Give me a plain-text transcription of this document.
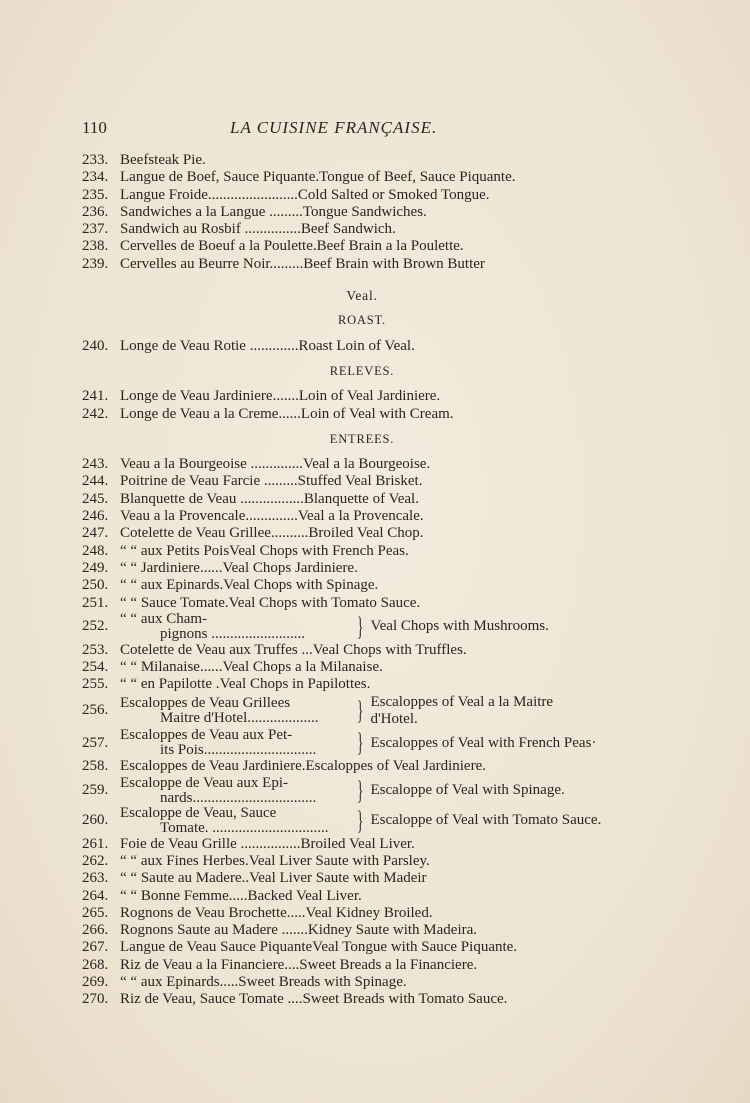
110	LA CUISINE FRANÇAISE.
233. Beefsteak Pie.
234. Langue de Boef, Sauce Piquante. Tongue of Beef, Sauce Piquante.
235. Langue Froide........................ Cold Salted or Smoked Tongue.
236. Sandwiches a la Langue ......... Tongue Sandwiches.
237. Sandwich au Rosbif ............... Beef Sandwich.
238. Cervelles de Boeuf a la Poulette. Beef Brain a la Poulette.
239. Cervelles au Beurre Noir......... Beef Brain with Brown Butter
Veal.
ROAST.
240. Longe de Veau Rotie ............. Roast Loin of Veal.
RELEVES.
241. Longe de Veau Jardiniere....... Loin of Veal Jardiniere.
242. Longe de Veau a la Creme...... Loin of Veal with Cream.
ENTREES.
243. Veau a la Bourgeoise .............. Veal a la Bourgeoise.
244. Poitrine de Veau Farcie ......... Stuffed Veal Brisket.
245. Blanquette de Veau ................. Blanquette of Veal.
246. Veau a la Provencale.............. Veal a la Provencale.
247. Cotelette de Veau Grillee.......... Broiled Veal Chop.
248. “ “ aux Petits Pois Veal Chops with French Peas.
249. “ “ Jardiniere...... Veal Chops Jardiniere.
250. “ “ aux Epinards. Veal Chops with Spinage.
251. “ “ Sauce Tomate. Veal Chops with Tomato Sauce.
252. “ “ aux Cham-
pignons .........................	} Veal Chops with Mushrooms.
253. Cotelette de Veau aux Truffes ... Veal Chops with Truffles.
254. “ “ Milanaise...... Veal Chops a la Milanaise.
255. “ “ en Papilotte . Veal Chops in Papilottes.
256. Escaloppes de Veau Grillees
Maitre d'Hotel...................	} Escaloppes of Veal a la Maitre
d'Hotel.
257. Escaloppes de Veau aux Pet-
its Pois..............................	} Escaloppes of Veal with French Peas·
258. Escaloppes de Veau Jardiniere. Escaloppes of Veal Jardiniere.
259. Escaloppe de Veau aux Epi-
nards.................................	} Escaloppe of Veal with Spinage.
260. Escaloppe de Veau, Sauce
Tomate. ...............................	} Escaloppe of Veal with Tomato Sauce.
261. Foie de Veau Grille ................ Broiled Veal Liver.
262. “ “ aux Fines Herbes. Veal Liver Saute with Parsley.
263. “ “ Saute au Madere.. Veal Liver Saute with Madeir
264. “ “ Bonne Femme..... Backed Veal Liver.
265. Rognons de Veau Brochette..... Veal Kidney Broiled.
266. Rognons Saute au Madere ....... Kidney Saute with Madeira.
267. Langue de Veau Sauce Piquante Veal Tongue with Sauce Piquante.
268. Riz de Veau a la Financiere.... Sweet Breads a la Financiere.
269. “ “ aux Epinards..... Sweet Breads with Spinage.
270. Riz de Veau, Sauce Tomate .... Sweet Breads with Tomato Sauce.
